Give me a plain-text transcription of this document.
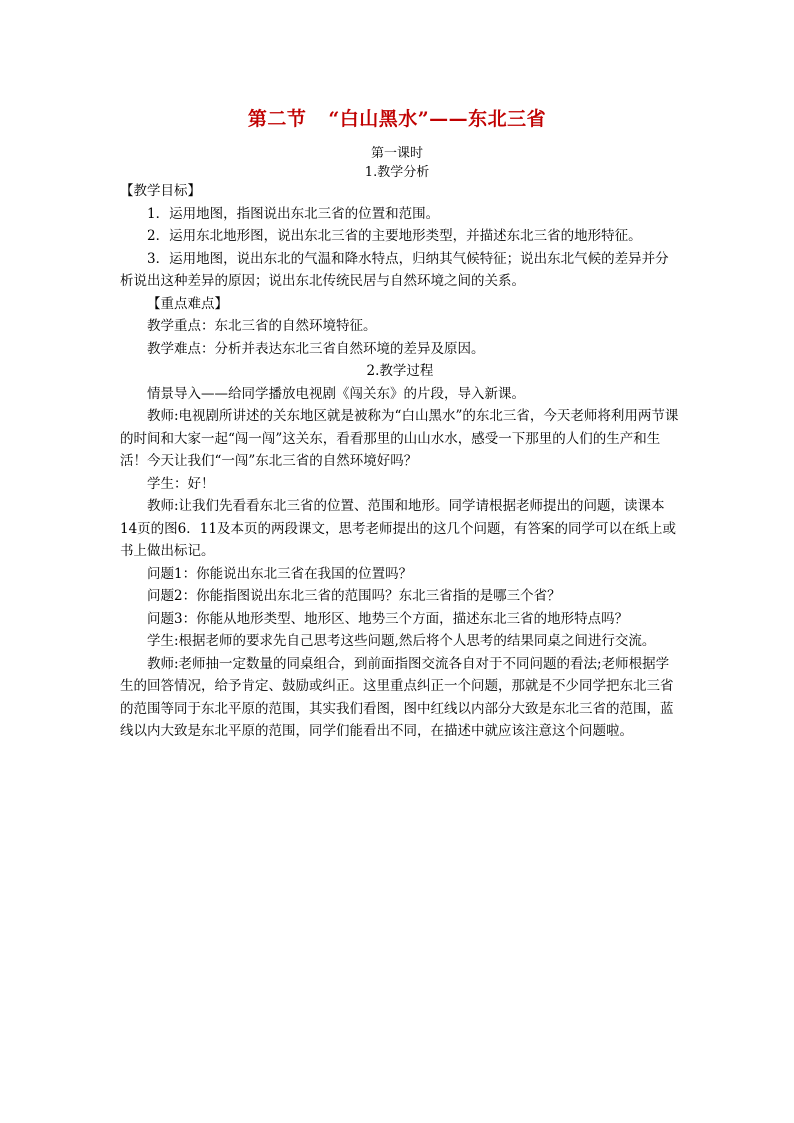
第二节 “白山黑水”——东北三省
第一课时
1.教学分析

【教学目标】

1．运用地图，指图说出东北三省的位置和范围。

2．运用东北地形图，说出东北三省的主要地形类型，并描述东北三省的地形特征。

3．运用地图，说出东北的气温和降水特点，归纳其气候特征；说出东北气候的差异并分析说出这种差异的原因；说出东北传统民居与自然环境之间的关系。

【重点难点】

教学重点：东北三省的自然环境特征。

教学难点：分析并表达东北三省自然环境的差异及原因。

2.教学过程

情景导入——给同学播放电视剧《闯关东》的片段，导入新课。

教师:电视剧所讲述的关东地区就是被称为“白山黑水”的东北三省，今天老师将利用两节课的时间和大家一起“闯一闯”这关东，看看那里的山山水水，感受一下那里的人们的生产和生活！今天让我们“一闯”东北三省的自然环境好吗？

学生：好！

教师:让我们先看看东北三省的位置、范围和地形。同学请根据老师提出的问题，读课本14页的图6．11及本页的两段课文，思考老师提出的这几个问题，有答案的同学可以在纸上或书上做出标记。

问题1：你能说出东北三省在我国的位置吗？

问题2：你能指图说出东北三省的范围吗？东北三省指的是哪三个省？

问题3：你能从地形类型、地形区、地势三个方面，描述东北三省的地形特点吗？

学生:根据老师的要求先自己思考这些问题,然后将个人思考的结果同桌之间进行交流。

教师:老师抽一定数量的同桌组合，到前面指图交流各自对于不同问题的看法;老师根据学生的回答情况，给予肯定、鼓励或纠正。这里重点纠正一个问题，那就是不少同学把东北三省的范围等同于东北平原的范围，其实我们看图，图中红线以内部分大致是东北三省的范围，蓝线以内大致是东北平原的范围，同学们能看出不同，在描述中就应该注意这个问题啦。
